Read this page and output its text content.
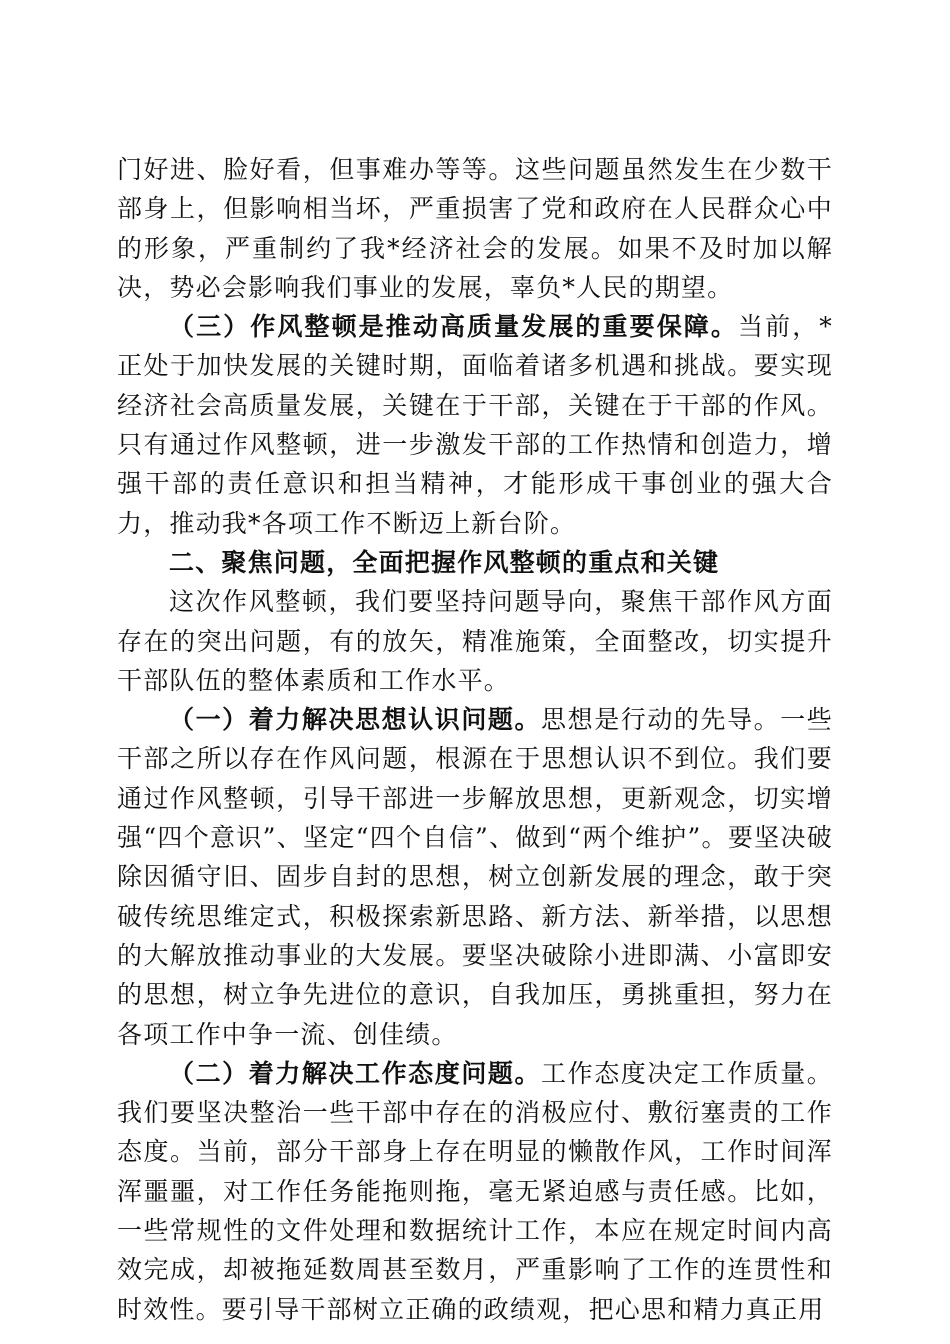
门好进、脸好看，但事难办等等。这些问题虽然发生在少数干部身上，但影响相当坏，严重损害了党和政府在人民群众心中的形象，严重制约了我*经济社会的发展。如果不及时加以解决，势必会影响我们事业的发展，辜负*人民的期望。

（三）作风整顿是推动高质量发展的重要保障。当前，*正处于加快发展的关键时期，面临着诸多机遇和挑战。要实现经济社会高质量发展，关键在于干部，关键在于干部的作风。只有通过作风整顿，进一步激发干部的工作热情和创造力，增强干部的责任意识和担当精神，才能形成干事创业的强大合力，推动我*各项工作不断迈上新台阶。

二、聚焦问题，全面把握作风整顿的重点和关键

这次作风整顿，我们要坚持问题导向，聚焦干部作风方面存在的突出问题，有的放矢，精准施策，全面整改，切实提升干部队伍的整体素质和工作水平。

（一）着力解决思想认识问题。思想是行动的先导。一些干部之所以存在作风问题，根源在于思想认识不到位。我们要通过作风整顿，引导干部进一步解放思想，更新观念，切实增强“四个意识”、坚定“四个自信”、做到“两个维护”。要坚决破除因循守旧、固步自封的思想，树立创新发展的理念，敢于突破传统思维定式，积极探索新思路、新方法、新举措，以思想的大解放推动事业的大发展。要坚决破除小进即满、小富即安的思想，树立争先进位的意识，自我加压，勇挑重担，努力在各项工作中争一流、创佳绩。

（二）着力解决工作态度问题。工作态度决定工作质量。我们要坚决整治一些干部中存在的消极应付、敷衍塞责的工作态度。当前，部分干部身上存在明显的懒散作风，工作时间浑浑噩噩，对工作任务能拖则拖，毫无紧迫感与责任感。比如，一些常规性的文件处理和数据统计工作，本应在规定时间内高效完成，却被拖延数周甚至数月，严重影响了工作的连贯性和时效性。要引导干部树立正确的政绩观，把心思和精力真正用
